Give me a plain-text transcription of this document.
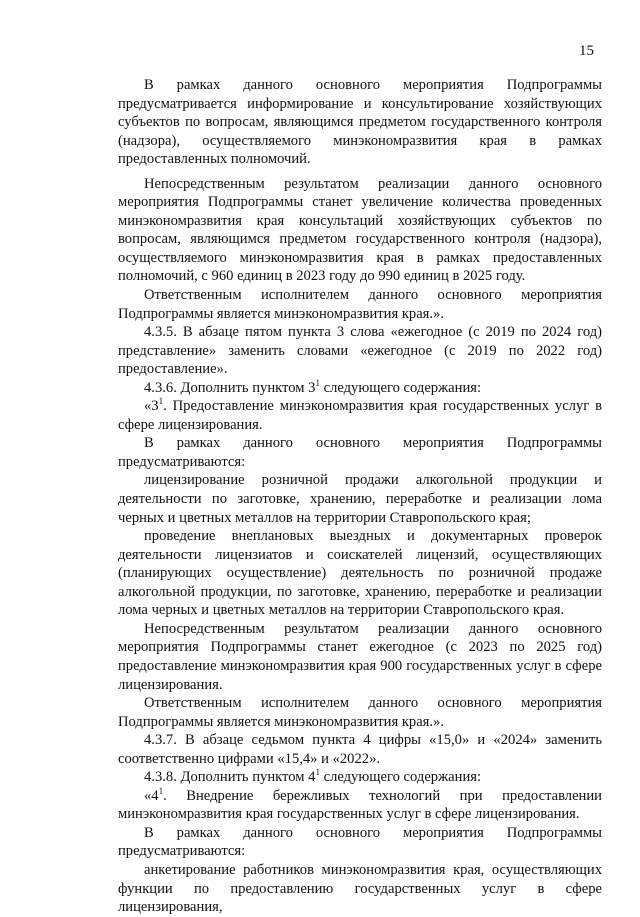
15

В рамках данного основного мероприятия Подпрограммы предусматривается информирование и консультирование хозяйствующих субъектов по вопросам, являющимся предметом государственного контроля (надзора), осуществляемого минэкономразвития края в рамках предоставленных полномочий.

Непосредственным результатом реализации данного основного мероприятия Подпрограммы станет увеличение количества проведенных минэкономразвития края консультаций хозяйствующих субъектов по вопросам, являющимся предметом государственного контроля (надзора), осуществляемого минэкономразвития края в рамках предоставленных полномочий, с 960 единиц в 2023 году до 990 единиц в 2025 году.

Ответственным исполнителем данного основного мероприятия Подпрограммы является минэкономразвития края.».

4.3.5. В абзаце пятом пункта 3 слова «ежегодное (с 2019 по 2024 год) представление» заменить словами «ежегодное (с 2019 по 2022 год) предоставление».

4.3.6. Дополнить пунктом $3^1$ следующего содержания:

«$3^1$. Предоставление минэкономразвития края государственных услуг в сфере лицензирования.

В рамках данного основного мероприятия Подпрограммы предусматриваются:

лицензирование розничной продажи алкогольной продукции и деятельности по заготовке, хранению, переработке и реализации лома черных и цветных металлов на территории Ставропольского края;

проведение внеплановых выездных и документарных проверок деятельности лицензиатов и соискателей лицензий, осуществляющих (планирующих осуществление) деятельность по розничной продаже алкогольной продукции, по заготовке, хранению, переработке и реализации лома черных и цветных металлов на территории Ставропольского края.

Непосредственным результатом реализации данного основного мероприятия Подпрограммы станет ежегодное (с 2023 по 2025 год) предоставление минэкономразвития края 900 государственных услуг в сфере лицензирования.

Ответственным исполнителем данного основного мероприятия Подпрограммы является минэкономразвития края.».

4.3.7. В абзаце седьмом пункта 4 цифры «15,0» и «2024» заменить соответственно цифрами «15,4» и «2022».

4.3.8. Дополнить пунктом $4^1$ следующего содержания:

«$4^1$. Внедрение бережливых технологий при предоставлении минэкономразвития края государственных услуг в сфере лицензирования.

В рамках данного основного мероприятия Подпрограммы предусматриваются:

анкетирование работников минэкономразвития края, осуществляющих функции по предоставлению государственных услуг в сфере лицензирования,
